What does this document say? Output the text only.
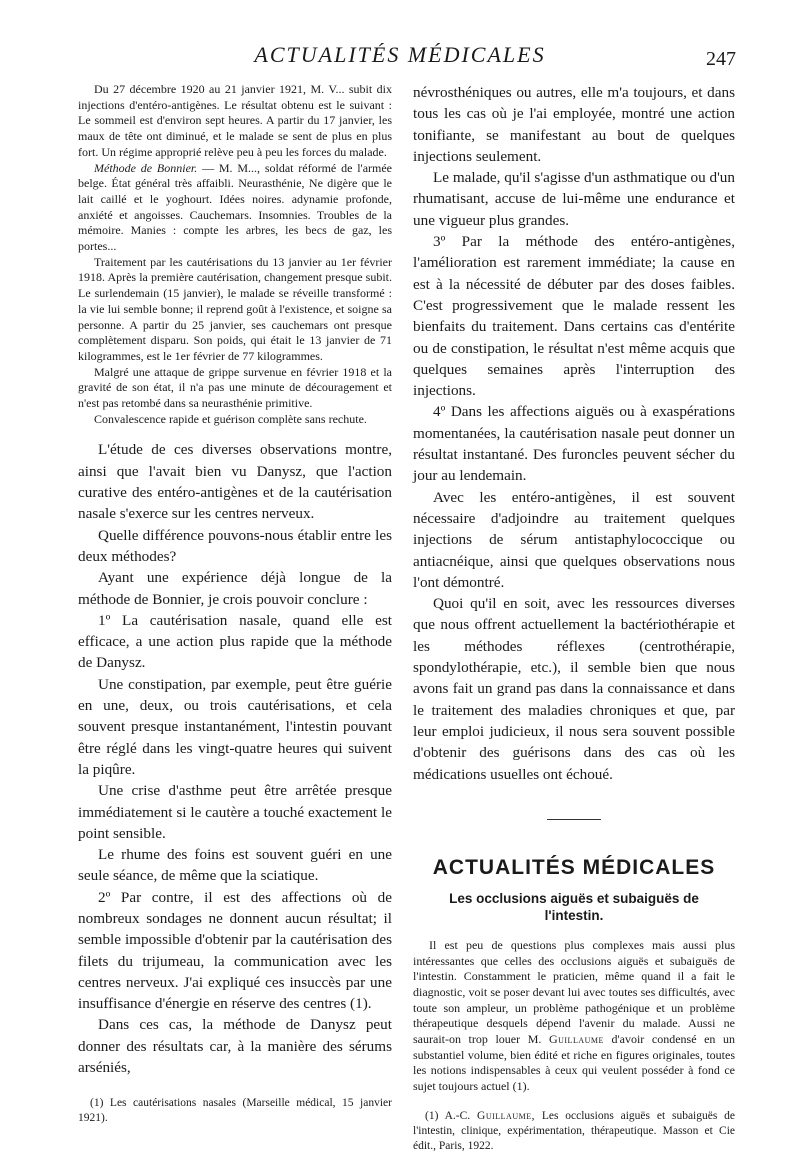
ACTUALITÉS MÉDICALES	247

Du 27 décembre 1920 au 21 janvier 1921, M. V... subit dix injections d'entéro-antigènes. Le résultat obtenu est le suivant : Le sommeil est d'environ sept heures. A partir du 17 janvier, les maux de tête ont diminué, et le malade se sent de plus en plus fort. Un régime approprié relève peu à peu les forces du malade.

Méthode de Bonnier. — M. M..., soldat réformé de l'armée belge. État général très affaibli. Neurasthénie, Ne digère que le lait caillé et le yoghourt. Idées noires. adynamie profonde, anxiété et angoisses. Cauchemars. Insomnies. Troubles de la mémoire. Manies : compte les arbres, les becs de gaz, les portes...

Traitement par les cautérisations du 13 janvier au 1er février 1918. Après la première cautérisation, changement presque subit. Le surlendemain (15 janvier), le malade se réveille transformé : la vie lui semble bonne; il reprend goût à l'existence, et soigne sa personne. A partir du 25 janvier, ses cauchemars ont presque complètement disparu. Son poids, qui était le 13 janvier de 71 kilogrammes, est le 1er février de 77 kilogrammes.

Malgré une attaque de grippe survenue en février 1918 et la gravité de son état, il n'a pas une minute de découragement et n'est pas retombé dans sa neurasthénie primitive.

Convalescence rapide et guérison complète sans rechute.

L'étude de ces diverses observations montre, ainsi que l'avait bien vu Danysz, que l'action curative des entéro-antigènes et de la cautérisation nasale s'exerce sur les centres nerveux.

Quelle différence pouvons-nous établir entre les deux méthodes?

Ayant une expérience déjà longue de la méthode de Bonnier, je crois pouvoir conclure :

1º La cautérisation nasale, quand elle est efficace, a une action plus rapide que la méthode de Danysz.

Une constipation, par exemple, peut être guérie en une, deux, ou trois cautérisations, et cela souvent presque instantanément, l'intestin pouvant être réglé dans les vingt-quatre heures qui suivent la piqûre.

Une crise d'asthme peut être arrêtée presque immédiatement si le cautère a touché exactement le point sensible.

Le rhume des foins est souvent guéri en une seule séance, de même que la sciatique.

2º Par contre, il est des affections où de nombreux sondages ne donnent aucun résultat; il semble impossible d'obtenir par la cautérisation des filets du trijumeau, la communication avec les centres nerveux. J'ai expliqué ces insuccès par une insuffisance d'énergie en réserve des centres (1).

Dans ces cas, la méthode de Danysz peut donner des résultats car, à la manière des sérums arséniés,

(1) Les cautérisations nasales (Marseille médical, 15 janvier 1921).

névrosthéniques ou autres, elle m'a toujours, et dans tous les cas où je l'ai employée, montré une action tonifiante, se manifestant au bout de quelques injections seulement.

Le malade, qu'il s'agisse d'un asthmatique ou d'un rhumatisant, accuse de lui-même une endurance et une vigueur plus grandes.

3º Par la méthode des entéro-antigènes, l'amélioration est rarement immédiate; la cause en est à la nécessité de débuter par des doses faibles. C'est progressivement que le malade ressent les bienfaits du traitement. Dans certains cas d'entérite ou de constipation, le résultat n'est même acquis que quelques semaines après l'interruption des injections.

4º Dans les affections aiguës ou à exaspérations momentanées, la cautérisation nasale peut donner un résultat instantané. Des furoncles peuvent sécher du jour au lendemain.

Avec les entéro-antigènes, il est souvent nécessaire d'adjoindre au traitement quelques injections de sérum antistaphylococcique ou antiacnéique, ainsi que quelques observations nous l'ont démontré.

Quoi qu'il en soit, avec les ressources diverses que nous offrent actuellement la bactériothérapie et les méthodes réflexes (centrothérapie, spondylothérapie, etc.), il semble bien que nous avons fait un grand pas dans la connaissance et dans le traitement des maladies chroniques et que, par leur emploi judicieux, il nous sera souvent possible d'obtenir des guérisons dans des cas où les médications usuelles ont échoué.

ACTUALITÉS MÉDICALES
Les occlusions aiguës et subaiguës de l'intestin.

Il est peu de questions plus complexes mais aussi plus intéressantes que celles des occlusions aiguës et subaiguës de l'intestin. Constamment le praticien, même quand il a fait le diagnostic, voit se poser devant lui avec toutes ses difficultés, avec toute son ampleur, un problème pathogénique et un problème thérapeutique desquels dépend l'avenir du malade. Aussi ne saurait-on trop louer M. Guillaume d'avoir condensé en un substantiel volume, bien édité et riche en figures originales, toutes les notions indispensables à ceux qui veulent posséder à fond ce sujet toujours actuel (1).

(1) A.-C. Guillaume, Les occlusions aiguës et subaiguës de l'intestin, clinique, expérimentation, thérapeutique. Masson et Cie édit., Paris, 1922.
